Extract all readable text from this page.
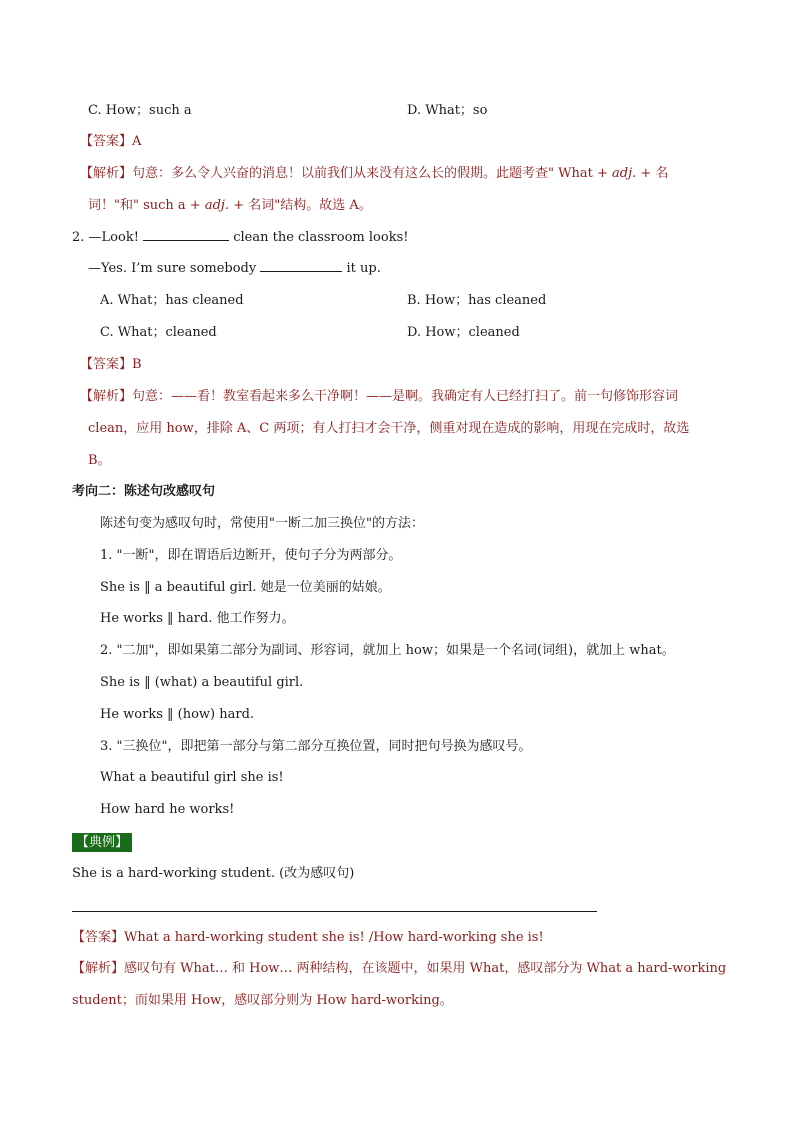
C. How；such a	D. What；so
【答案】A
【解析】句意：多么令人兴奋的消息！以前我们从来没有这么长的假期。此题考查" What + adj. + 名
词！"和" such a + adj. + 名词"结构。故选 A。
2. —Look!	clean the classroom looks!
—Yes. I’m sure somebody	it up.
A. What；has cleaned	B. How；has cleaned
C. What；cleaned	D. How；cleaned
【答案】B
【解析】句意：——看！教室看起来多么干净啊！——是啊。我确定有人已经打扫了。前一句修饰形容词
clean，应用 how，排除 A、C 两项；有人打扫才会干净，侧重对现在造成的影响，用现在完成时，故选
B。
考向二：陈述句改感叹句
陈述句变为感叹句时，常使用"一断二加三换位"的方法：
1. "一断"，即在谓语后边断开，使句子分为两部分。
She is ‖ a beautiful girl. 她是一位美丽的姑娘。
He works ‖ hard. 他工作努力。
2. "二加"，即如果第二部分为副词、形容词，就加上 how；如果是一个名词(词组)，就加上 what。
She is ‖ (what) a beautiful girl.
He works ‖ (how) hard.
3. "三换位"，即把第一部分与第二部分互换位置，同时把句号换为感叹号。
What a beautiful girl she is!
How hard he works!
【典例】
She is a hard-working student. (改为感叹句)
【答案】What a hard-working student she is! /How hard-working she is!
【解析】感叹句有 What… 和 How… 两种结构，在该题中，如果用 What，感叹部分为 What a hard-working
student；而如果用 How，感叹部分则为 How hard-working。
